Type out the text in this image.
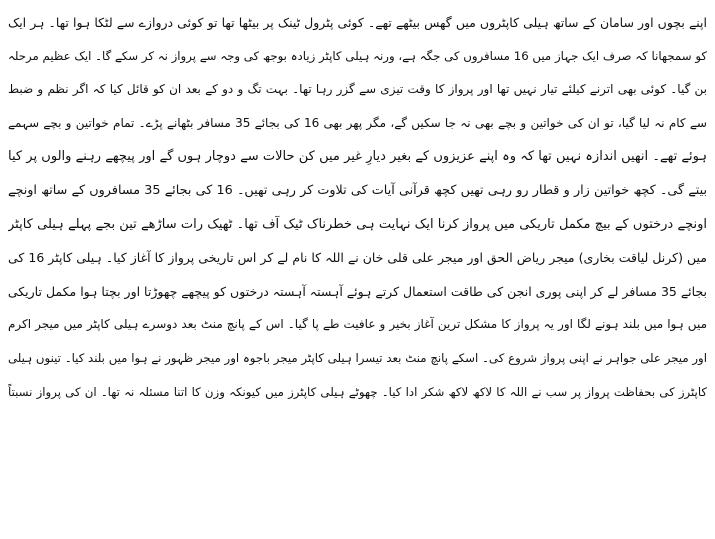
اپنے بچوں اور سامان کے ساتھ ہیلی کاپٹروں میں گھس بیٹھے تھے۔ کوئی پٹرول ٹینک پر بیٹھا تھا تو کوئی دروازے سے لٹکا ہوا تھا۔ ہر ایک
کو سمجھانا کہ صرف ایک جہاز میں 16 مسافروں کی جگہ ہے، ورنہ ہیلی کاپٹر زیادہ بوجھ کی وجہ سے پرواز نہ کر سکے گا۔ ایک عظیم مرحلہ
بن گیا۔ کوئی بھی اترنے کیلئے تیار نہیں تھا اور پرواز کا وقت تیزی سے گزر رہا تھا۔ بہت تگ و دو کے بعد ان کو قائل کیا کہ اگر نظم و ضبط
سے کام نہ لیا گیا، تو ان کی خواتین و بچے بھی نہ جا سکیں گے، مگر پھر بھی 16 کی بجائے 35 مسافر بٹھانے پڑے۔ تمام خواتین و بچے سہمے
ہوئے تھے۔ انھیں اندازہ نہیں تھا کہ وہ اپنے عزیزوں کے بغیر دیارِ غیر میں کن حالات سے دوچار ہوں گے اور پیچھے رہنے والوں پر کیا
بیتے گی۔ کچھ خواتین زار و قطار رو رہی تھیں کچھ قرآنی آیات کی تلاوت کر رہی تھیں۔ 16 کی بجائے 35 مسافروں کے ساتھ اونچے
اونچے درختوں کے بیچ مکمل تاریکی میں پرواز کرنا ایک نہایت ہی خطرناک ٹیک آف تھا۔ ٹھیک رات ساڑھے تین بجے پہلے ہیلی کاپٹر
میں (کرنل لیاقت بخاری) میجر ریاض الحق اور میجر علی قلی خان نے اللہ کا نام لے کر اس تاریخی پرواز کا آغاز کیا۔ ہیلی کاپٹر 16 کی
بجائے 35 مسافر لے کر اپنی پوری انجن کی طاقت استعمال کرتے ہوئے آہستہ آہستہ درختوں کو پیچھے چھوڑتا اور بچتا ہوا مکمل تاریکی
میں ہوا میں بلند ہونے لگا اور یہ پرواز کا مشکل ترین آغاز بخیر و عافیت طے پا گیا۔ اس کے پانچ منٹ بعد دوسرے ہیلی کاپٹر میں میجر اکرم
اور میجر علی جواہر نے اپنی پرواز شروع کی۔ اسکے پانچ منٹ بعد تیسرا ہیلی کاپٹر میجر باجوہ اور میجر ظہور نے ہوا میں بلند کیا۔ تینوں ہیلی
کاپٹرز کی بحفاظت پرواز پر سب نے اللہ کا لاکھ لاکھ شکر ادا کیا۔ چھوٹے ہیلی کاپٹرز میں کیونکہ وزن کا اتنا مسئلہ نہ تھا۔ ان کی پرواز نسبتاً
